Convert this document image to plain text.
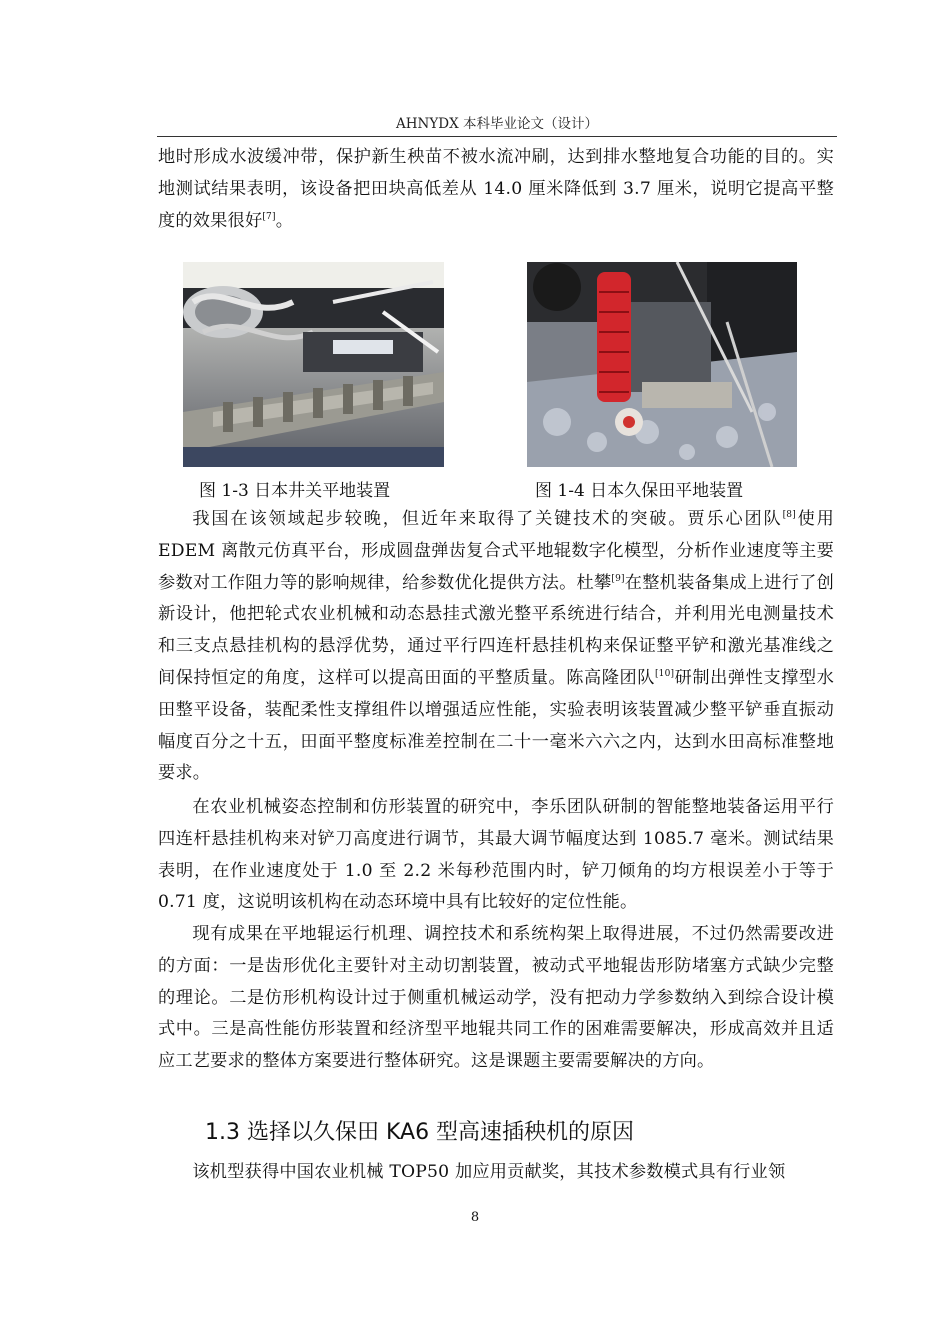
AHNYDX 本科毕业论文（设计）
地时形成水波缓冲带，保护新生秧苗不被水流冲刷，达到排水整地复合功能的目的。实地测试结果表明，该设备把田块高低差从 14.0 厘米降低到 3.7 厘米，说明它提高平整度的效果很好[7]。
图 1-3 日本井关平地装置	图 1-4 日本久保田平地装置
我国在该领域起步较晚，但近年来取得了关键技术的突破。贾乐心团队[8]使用 EDEM 离散元仿真平台，形成圆盘弹齿复合式平地辊数字化模型，分析作业速度等主要参数对工作阻力等的影响规律，给参数优化提供方法。杜攀[9]在整机装备集成上进行了创新设计，他把轮式农业机械和动态悬挂式激光整平系统进行结合，并利用光电测量技术和三支点悬挂机构的悬浮优势，通过平行四连杆悬挂机构来保证整平铲和激光基准线之间保持恒定的角度，这样可以提高田面的平整质量。陈高隆团队[10]研制出弹性支撑型水田整平设备，装配柔性支撑组件以增强适应性能，实验表明该装置减少整平铲垂直振动幅度百分之十五，田面平整度标准差控制在二十一毫米六六之内，达到水田高标准整地要求。
在农业机械姿态控制和仿形装置的研究中，李乐团队研制的智能整地装备运用平行四连杆悬挂机构来对铲刀高度进行调节，其最大调节幅度达到 1085.7 毫米。测试结果表明，在作业速度处于 1.0 至 2.2 米每秒范围内时，铲刀倾角的均方根误差小于等于 0.71 度，这说明该机构在动态环境中具有比较好的定位性能。
现有成果在平地辊运行机理、调控技术和系统构架上取得进展，不过仍然需要改进的方面：一是齿形优化主要针对主动切割装置，被动式平地辊齿形防堵塞方式缺少完整的理论。二是仿形机构设计过于侧重机械运动学，没有把动力学参数纳入到综合设计模式中。三是高性能仿形装置和经济型平地辊共同工作的困难需要解决，形成高效并且适应工艺要求的整体方案要进行整体研究。这是课题主要需要解决的方向。
1.3 选择以久保田 KA6 型高速插秧机的原因
该机型获得中国农业机械 TOP50 加应用贡献奖，其技术参数模式具有行业领
8
